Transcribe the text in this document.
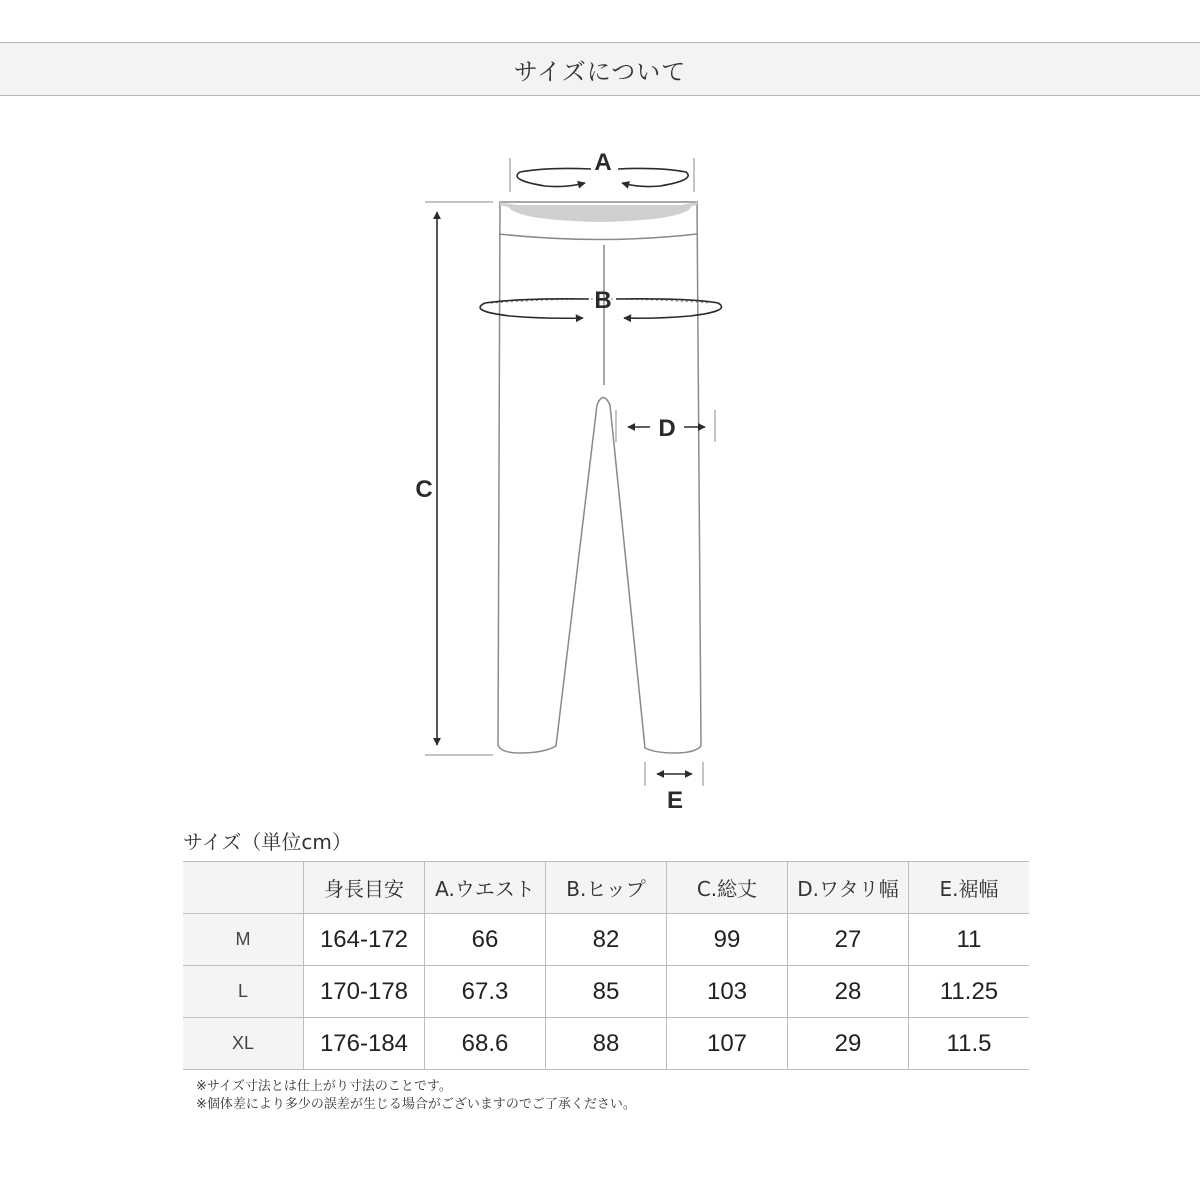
サイズについて
A
B
C
D
E
サイズ（単位cm）
	身長目安	A.ウエスト	B.ヒップ	C.総丈	D.ワタリ幅	E.裾幅
M	164-172	66	82	99	27	11
L	170-178	67.3	85	103	28	11.25
XL	176-184	68.6	88	107	29	11.5
※サイズ寸法とは仕上がり寸法のことです。
※個体差により多少の誤差が生じる場合がございますのでご了承ください。
